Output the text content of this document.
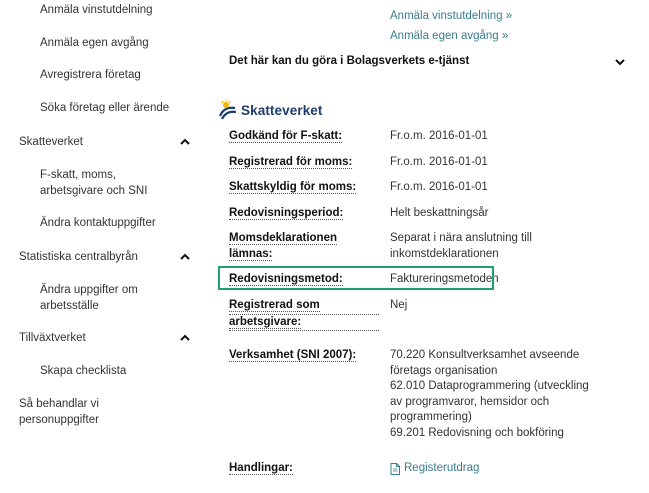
Anmäla vinstutdelning
Anmäla egen avgång
Avregistrera företag
Söka företag eller ärende
Skatteverket
F-skatt, moms,
arbetsgivare och SNI
Ändra kontaktuppgifter
Statistiska centralbyrån
Ändra uppgifter om
arbetsställe
Tillväxtverket
Skapa checklista
Så behandlar vi
personuppgifter
Anmäla vinstutdelning »
Anmäla egen avgång »
Det här kan du göra i Bolagsverkets e-tjänst
Skatteverket
Godkänd för F-skatt:	Fr.o.m. 2016-01-01
Registrerad för moms:	Fr.o.m. 2016-01-01
Skattskyldig för moms:	Fr.o.m. 2016-01-01
Redovisningsperiod:	Helt beskattningsår
Momsdeklarationen lämnas:
Separat i nära anslutning till
inkomstdeklarationen
Redovisningsmetod:	Faktureringsmetoden
Registrerad som
arbetsgivare:
Nej
Verksamhet (SNI 2007):	70.220 Konsultverksamhet avseende
företags organisation
62.010 Dataprogrammering (utveckling
av programvaror, hemsidor och
programmering)
69.201 Redovisning och bokföring
Handlingar:	Registerutdrag
